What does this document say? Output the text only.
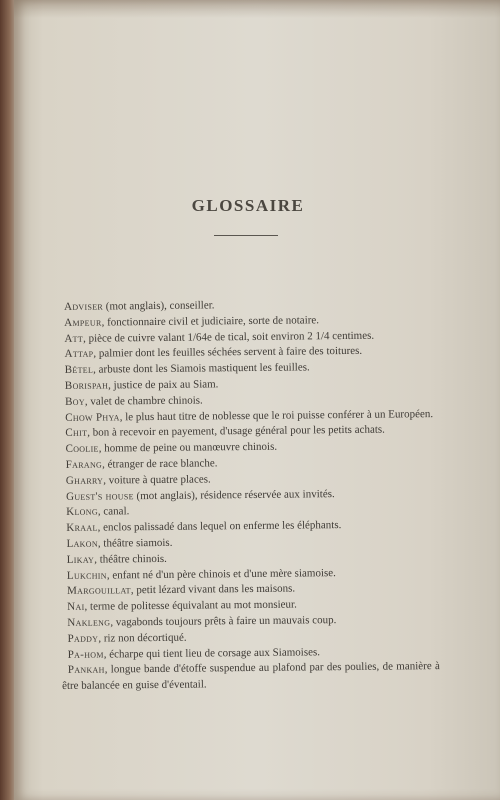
GLOSSAIRE

Adviser (mot anglais), conseiller.

Ampeur, fonctionnaire civil et judiciaire, sorte de notaire.

Att, pièce de cuivre valant 1/64e de tical, soit environ 2 1/4 centimes.

Attap, palmier dont les feuilles séchées servent à faire des toitures.

Bétel, arbuste dont les Siamois mastiquent les feuilles.

Borispah, justice de paix au Siam.

Boy, valet de chambre chinois.

Chow Phya, le plus haut titre de noblesse que le roi puisse conférer à un Européen.

Chit, bon à recevoir en payement, d'usage général pour les petits achats.

Coolie, homme de peine ou manœuvre chinois.

Farang, étranger de race blanche.

Gharry, voiture à quatre places.

Guest's house (mot anglais), résidence réservée aux invités.

Klong, canal.

Kraal, enclos palissadé dans lequel on enferme les éléphants.

Lakon, théâtre siamois.

Likay, théâtre chinois.

Lukchin, enfant né d'un père chinois et d'une mère siamoise.

Margouillat, petit lézard vivant dans les maisons.

Nai, terme de politesse équivalant au mot monsieur.

Nakleng, vagabonds toujours prêts à faire un mauvais coup.

Paddy, riz non décortiqué.

Pa-hom, écharpe qui tient lieu de corsage aux Siamoises.

Pankah, longue bande d'étoffe suspendue au plafond par des poulies, de manière à être balancée en guise d'éventail.
